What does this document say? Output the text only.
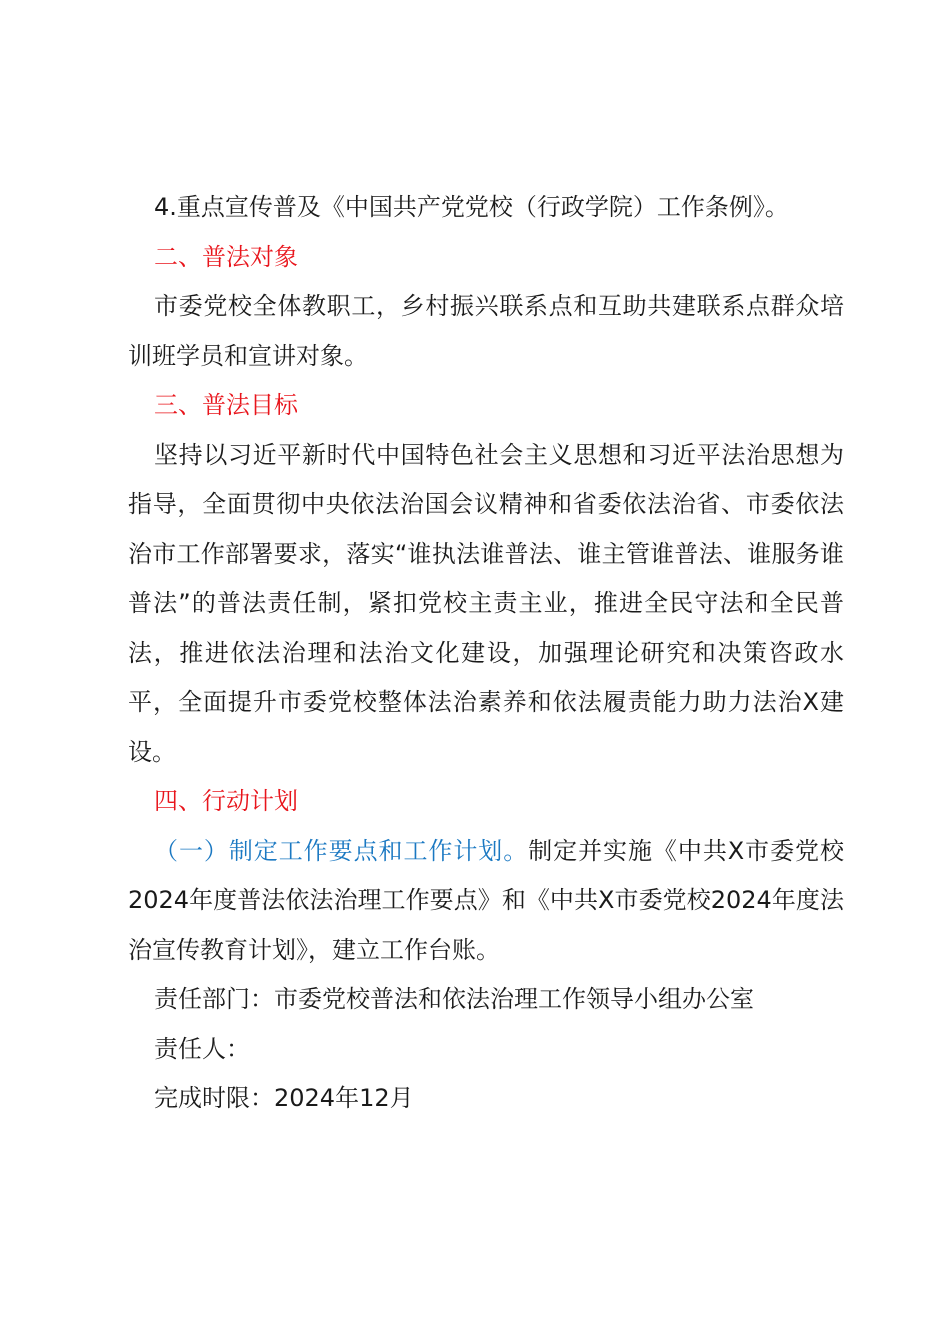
4.重点宣传普及《中国共产党党校（行政学院）工作条例》。

二、普法对象

市委党校全体教职工，乡村振兴联系点和互助共建联系点群众培训班学员和宣讲对象。

三、普法目标

坚持以习近平新时代中国特色社会主义思想和习近平法治思想为指导，全面贯彻中央依法治国会议精神和省委依法治省、市委依法治市工作部署要求，落实“谁执法谁普法、谁主管谁普法、谁服务谁普法”的普法责任制，紧扣党校主责主业，推进全民守法和全民普法，推进依法治理和法治文化建设，加强理论研究和决策咨政水平，全面提升市委党校整体法治素养和依法履责能力助力法治X建设。

四、行动计划

（一）制定工作要点和工作计划。制定并实施《中共X市委党校2024年度普法依法治理工作要点》和《中共X市委党校2024年度法治宣传教育计划》，建立工作台账。

责任部门：市委党校普法和依法治理工作领导小组办公室

责任人：

完成时限：2024年12月
